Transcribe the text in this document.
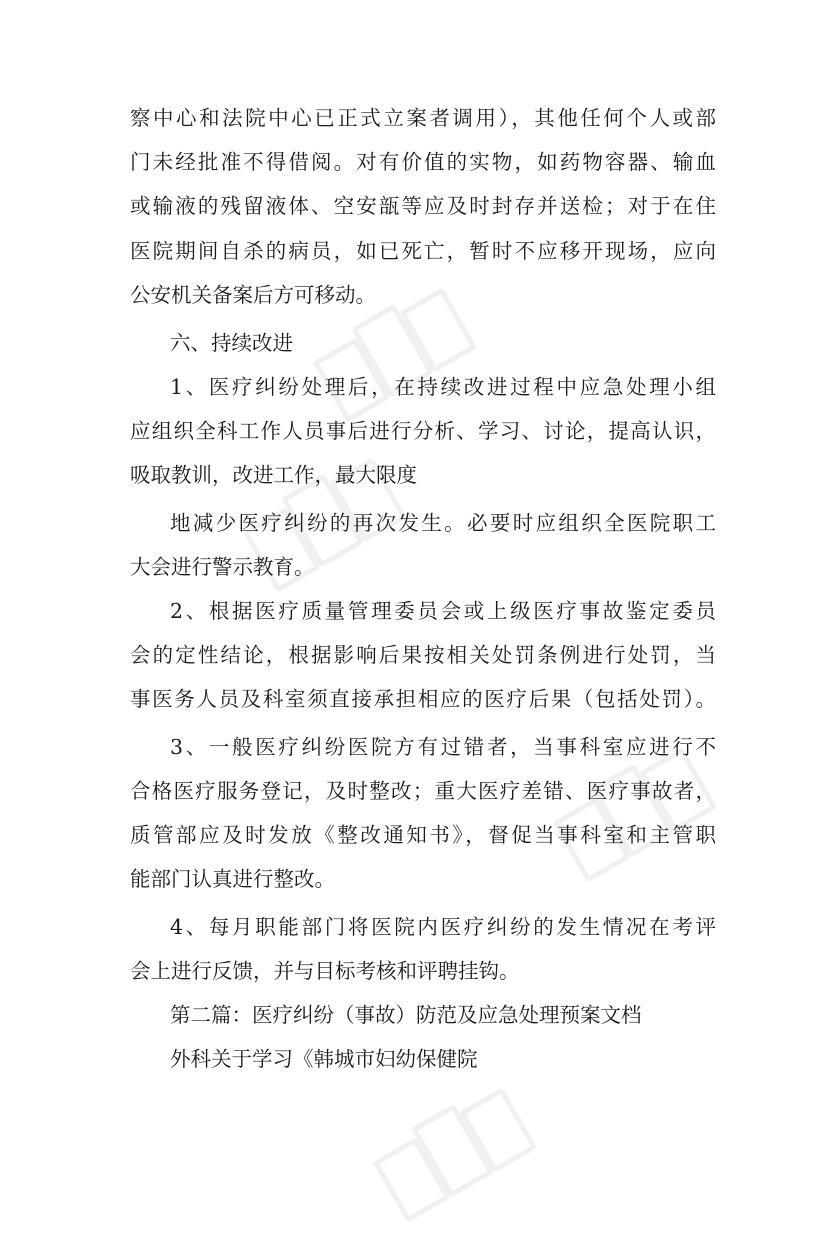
察中心和法院中心已正式立案者调用），其他任何个人或部
门未经批准不得借阅。对有价值的实物，如药物容器、输血
或输液的残留液体、空安瓿等应及时封存并送检；对于在住
医院期间自杀的病员，如已死亡，暂时不应移开现场，应向
公安机关备案后方可移动。
六、持续改进
1、医疗纠纷处理后，在持续改进过程中应急处理小组
应组织全科工作人员事后进行分析、学习、讨论，提高认识，
吸取教训，改进工作，最大限度
地减少医疗纠纷的再次发生。必要时应组织全医院职工
大会进行警示教育。
2、根据医疗质量管理委员会或上级医疗事故鉴定委员
会的定性结论，根据影响后果按相关处罚条例进行处罚，当
事医务人员及科室须直接承担相应的医疗后果（包括处罚）。
3、一般医疗纠纷医院方有过错者，当事科室应进行不
合格医疗服务登记，及时整改；重大医疗差错、医疗事故者，
质管部应及时发放《整改通知书》，督促当事科室和主管职
能部门认真进行整改。
4、每月职能部门将医院内医疗纠纷的发生情况在考评
会上进行反馈，并与目标考核和评聘挂钩。
第二篇：医疗纠纷（事故）防范及应急处理预案文档
外科关于学习《韩城市妇幼保健院
